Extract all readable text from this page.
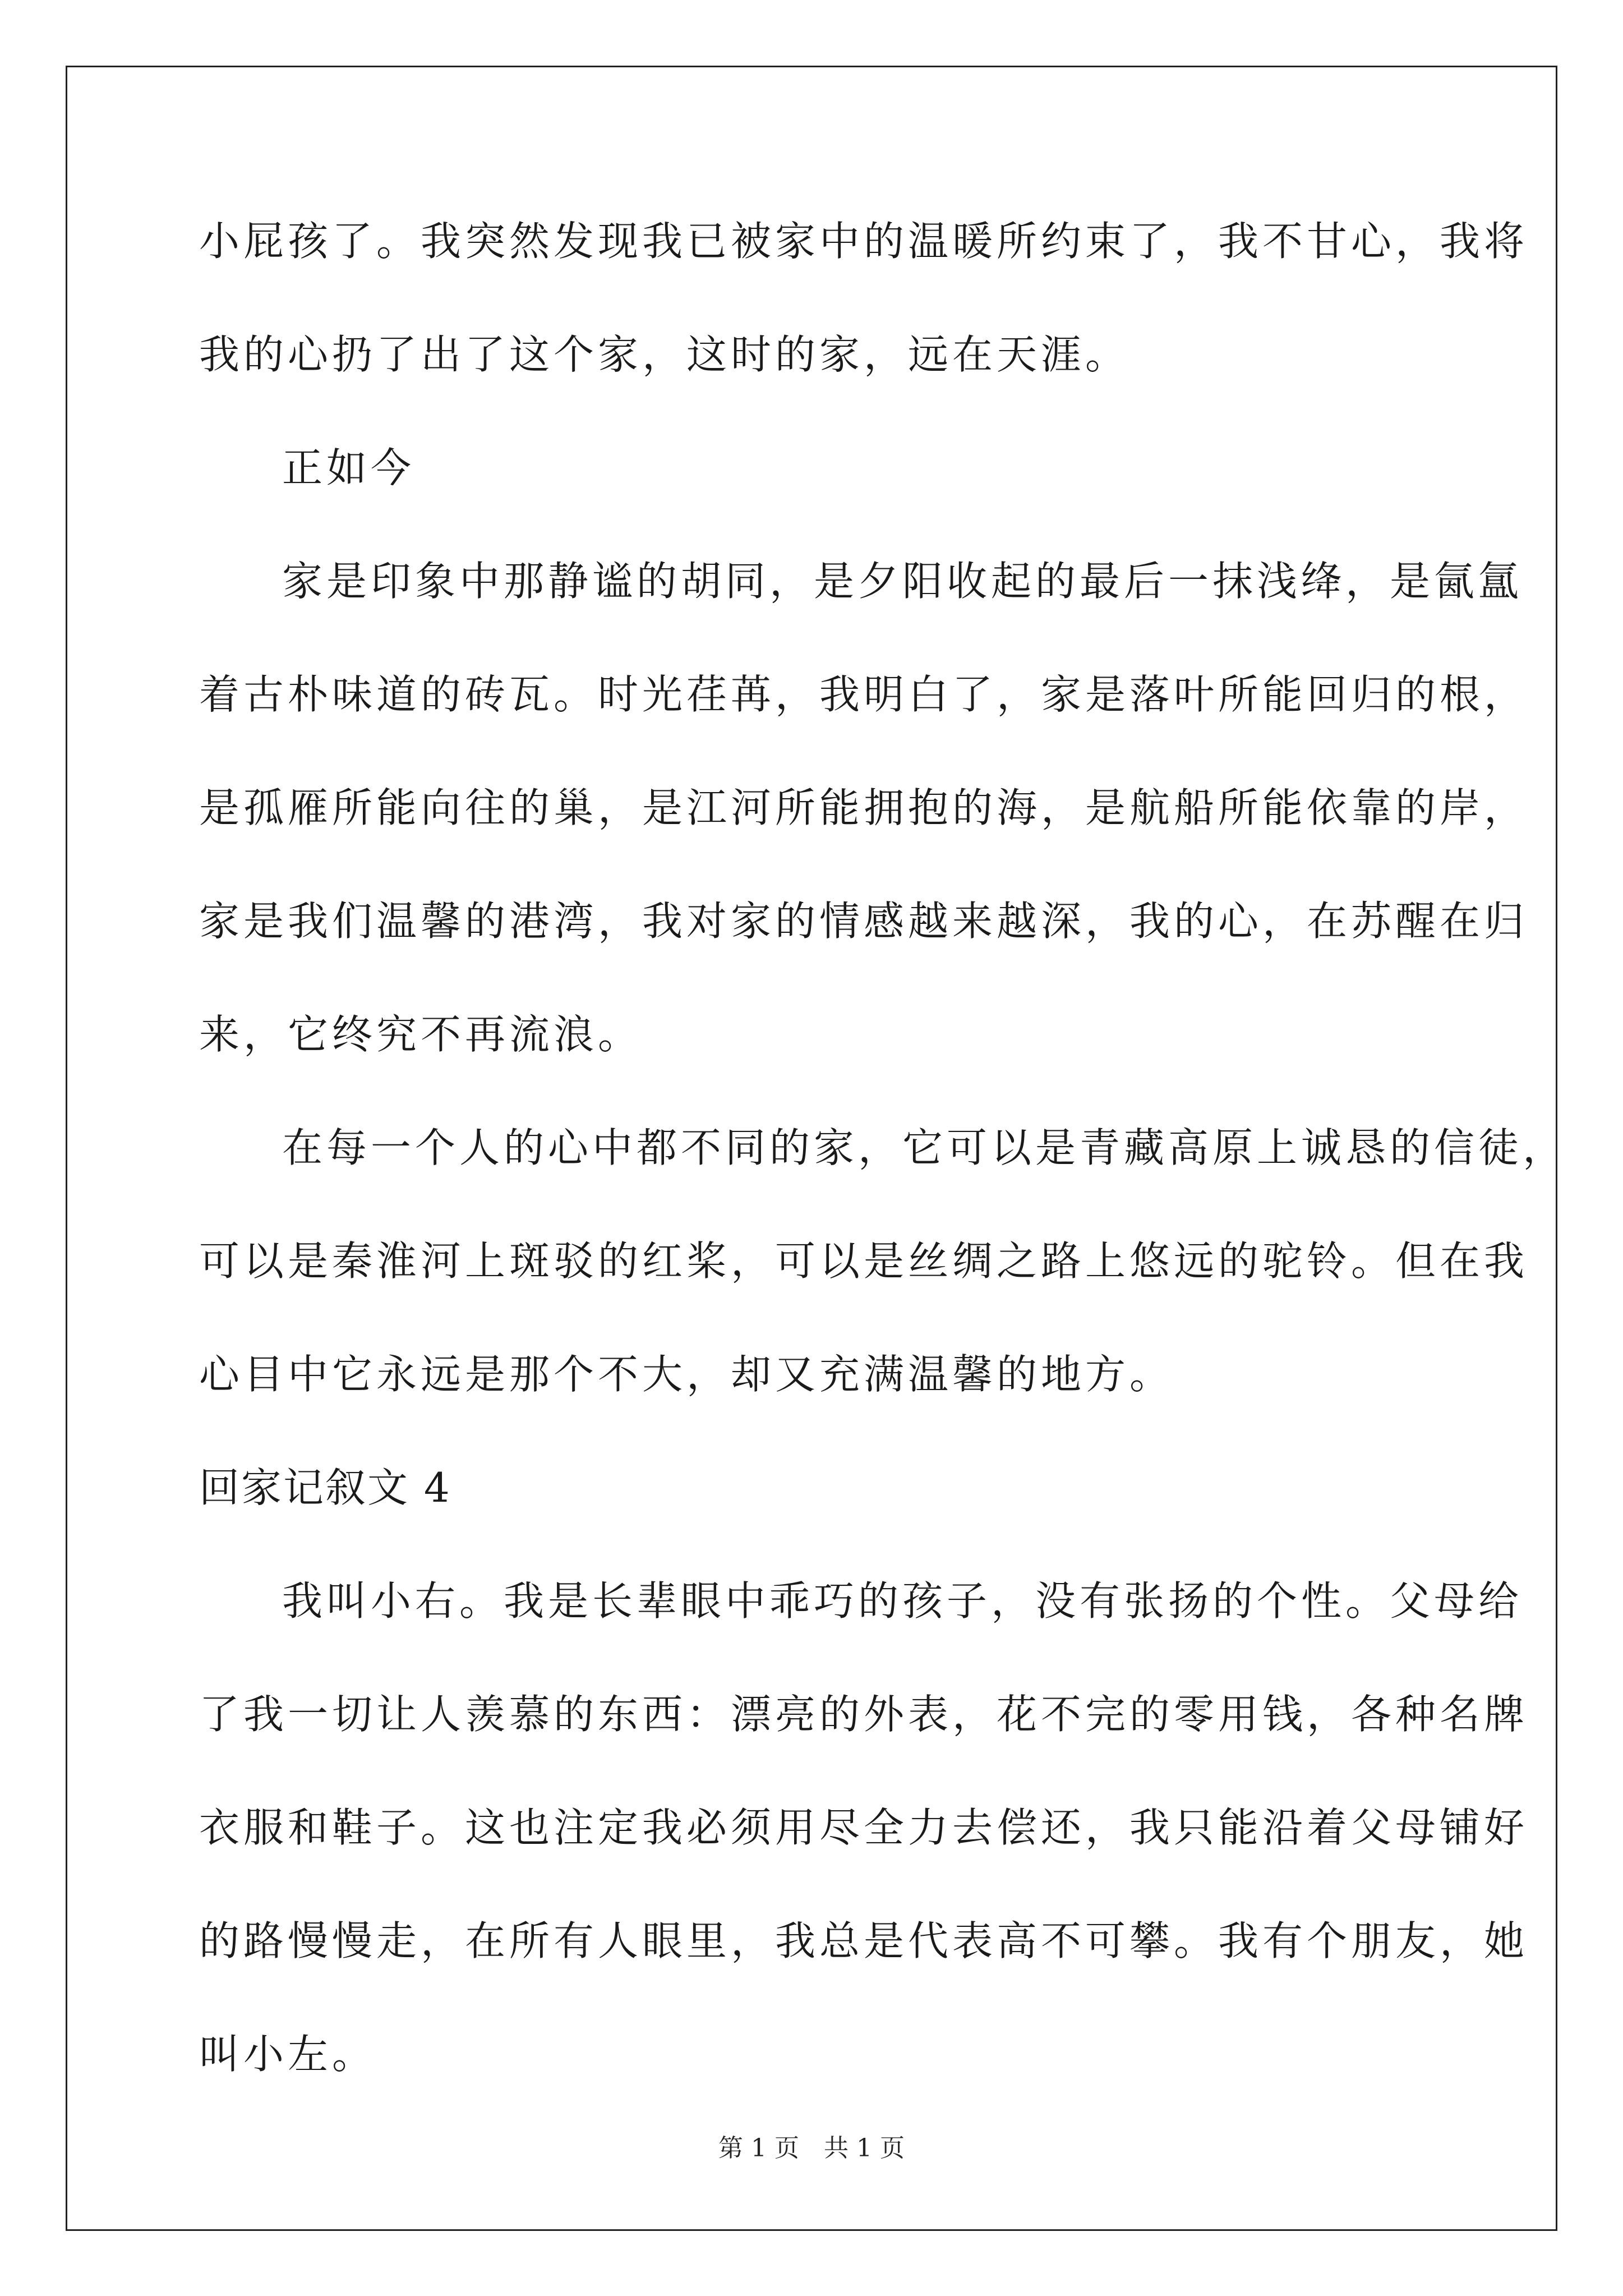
小屁孩了。我突然发现我已被家中的温暖所约束了，我不甘心，我将
我的心扔了出了这个家，这时的家，远在天涯。
正如今
家是印象中那静谧的胡同，是夕阳收起的最后一抹浅绛，是氤氲
着古朴味道的砖瓦。时光荏苒，我明白了，家是落叶所能回归的根，
是孤雁所能向往的巢，是江河所能拥抱的海，是航船所能依靠的岸，
家是我们温馨的港湾，我对家的情感越来越深，我的心，在苏醒在归
来，它终究不再流浪。
在每一个人的心中都不同的家，它可以是青藏高原上诚恳的信徒，
可以是秦淮河上斑驳的红桨，可以是丝绸之路上悠远的驼铃。但在我
心目中它永远是那个不大，却又充满温馨的地方。
回家记叙文 4
我叫小右。我是长辈眼中乖巧的孩子，没有张扬的个性。父母给
了我一切让人羡慕的东西：漂亮的外表，花不完的零用钱，各种名牌
衣服和鞋子。这也注定我必须用尽全力去偿还，我只能沿着父母铺好
的路慢慢走，在所有人眼里，我总是代表高不可攀。我有个朋友，她
叫小左。
第 1 页　共 1 页
